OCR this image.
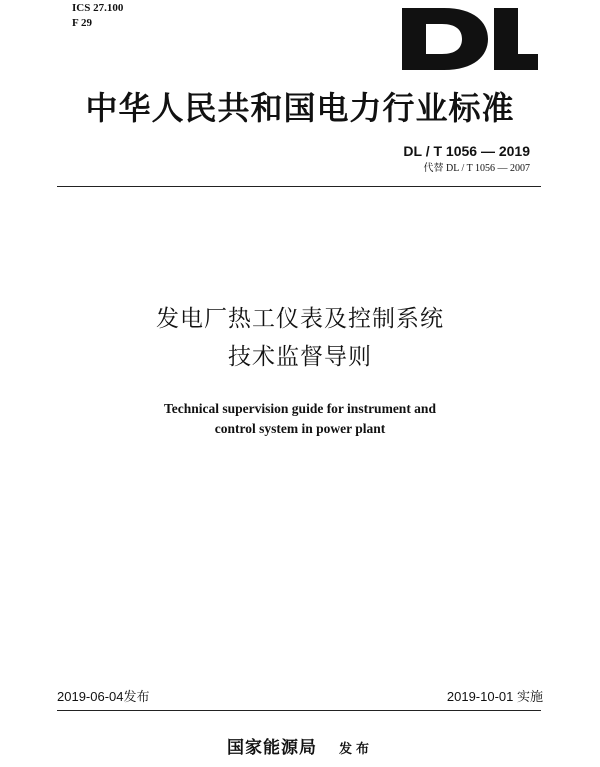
ICS 27.100
F 29
中华人民共和国电力行业标准
DL / T 1056 — 2019
代替 DL / T 1056 — 2007
发电厂热工仪表及控制系统
技术监督导则
Technical supervision guide for instrument and
control system in power plant
2019-06-04发布	2019-10-01 实施
国家能源局 发布
